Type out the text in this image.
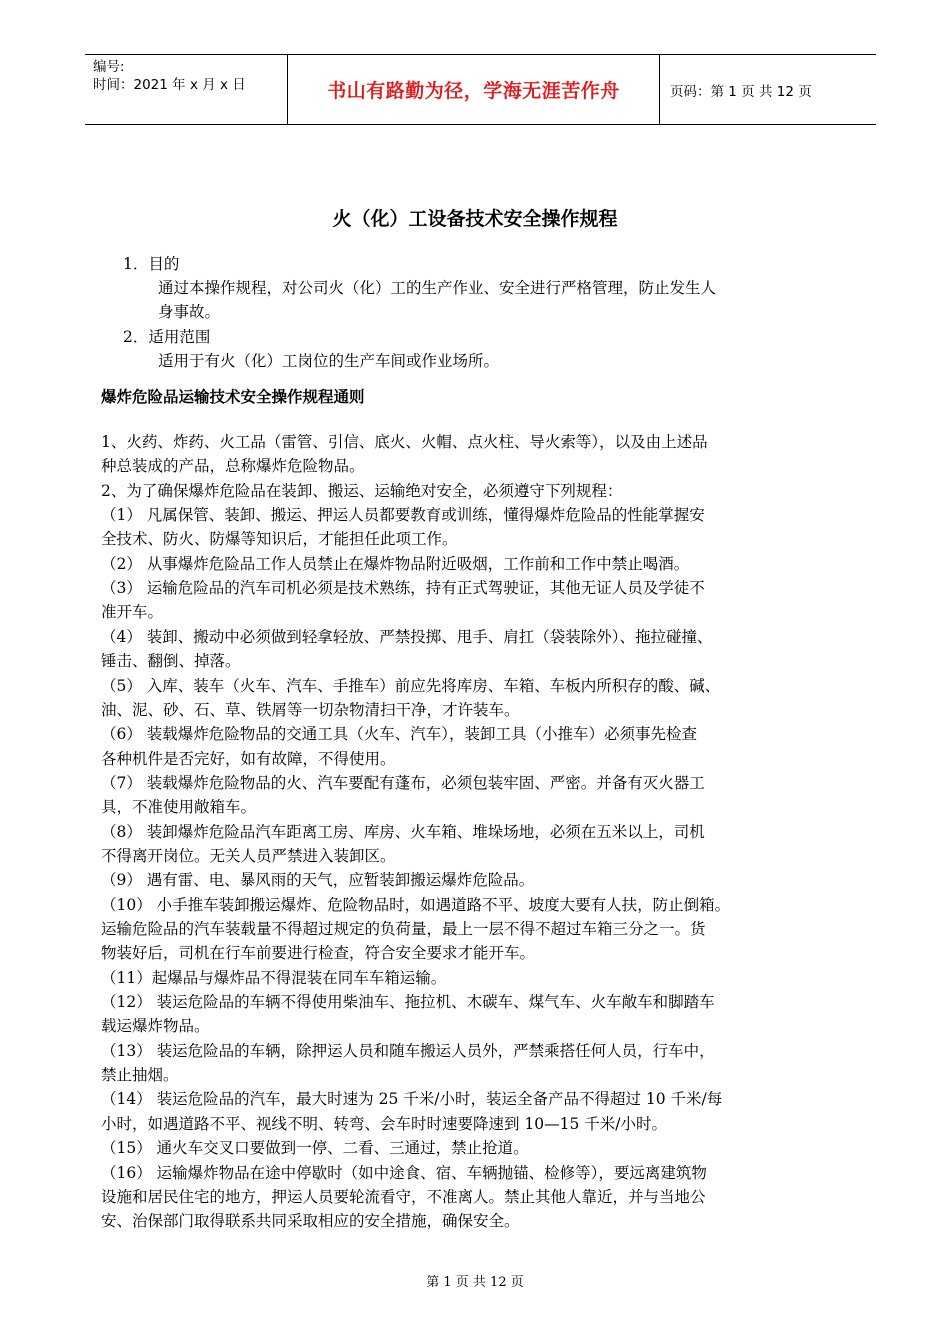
编号:
时间：2021 年 x 月 x 日	书山有路勤为径，学海无涯苦作舟	页码：第 1 页 共 12 页
火（化）工设备技术安全操作规程
1．目的
通过本操作规程，对公司火（化）工的生产作业、安全进行严格管理，防止发生人
身事故。
2．适用范围
适用于有火（化）工岗位的生产车间或作业场所。
爆炸危险品运输技术安全操作规程通则
1、火药、炸药、火工品（雷管、引信、底火、火帽、点火柱、导火索等），以及由上述品
种总装成的产品，总称爆炸危险物品。
2、为了确保爆炸危险品在装卸、搬运、运输绝对安全，必须遵守下列规程：
（1） 凡属保管、装卸、搬运、押运人员都要教育或训练，懂得爆炸危险品的性能掌握安
全技术、防火、防爆等知识后，才能担任此项工作。
（2） 从事爆炸危险品工作人员禁止在爆炸物品附近吸烟，工作前和工作中禁止喝酒。
（3） 运输危险品的汽车司机必须是技术熟练，持有正式驾驶证，其他无证人员及学徒不
准开车。
（4） 装卸、搬动中必须做到轻拿轻放、严禁投掷、甩手、肩扛（袋装除外）、拖拉碰撞、
锤击、翻倒、掉落。
（5） 入库、装车（火车、汽车、手推车）前应先将库房、车箱、车板内所积存的酸、碱、
油、泥、砂、石、草、铁屑等一切杂物清扫干净，才许装车。
（6） 装载爆炸危险物品的交通工具（火车、汽车），装卸工具（小推车）必须事先检查
各种机件是否完好，如有故障，不得使用。
（7） 装载爆炸危险物品的火、汽车要配有蓬布，必须包装牢固、严密。并备有灭火器工
具，不准使用敞箱车。
（8） 装卸爆炸危险品汽车距离工房、库房、火车箱、堆垛场地，必须在五米以上，司机
不得离开岗位。无关人员严禁进入装卸区。
（9） 遇有雷、电、暴风雨的天气，应暂装卸搬运爆炸危险品。
（10） 小手推车装卸搬运爆炸、危险物品时，如遇道路不平、坡度大要有人扶，防止倒箱。
运输危险品的汽车装载量不得超过规定的负荷量，最上一层不得不超过车箱三分之一。货
物装好后，司机在行车前要进行检查，符合安全要求才能开车。
（11）起爆品与爆炸品不得混装在同车车箱运输。
（12） 装运危险品的车辆不得使用柴油车、拖拉机、木碳车、煤气车、火车敞车和脚踏车
载运爆炸物品。
（13） 装运危险品的车辆，除押运人员和随车搬运人员外，严禁乘搭任何人员，行车中，
禁止抽烟。
（14） 装运危险品的汽车，最大时速为 25 千米/小时，装运全备产品不得超过 10 千米/每
小时，如遇道路不平、视线不明、转弯、会车时时速要降速到 10—15 千米/小时。
（15） 通火车交叉口要做到一停、二看、三通过，禁止抢道。
（16） 运输爆炸物品在途中停歇时（如中途食、宿、车辆抛锚、检修等），要远离建筑物
设施和居民住宅的地方，押运人员要轮流看守，不准离人。禁止其他人靠近，并与当地公
安、治保部门取得联系共同采取相应的安全措施，确保安全。
第 1 页 共 12 页
